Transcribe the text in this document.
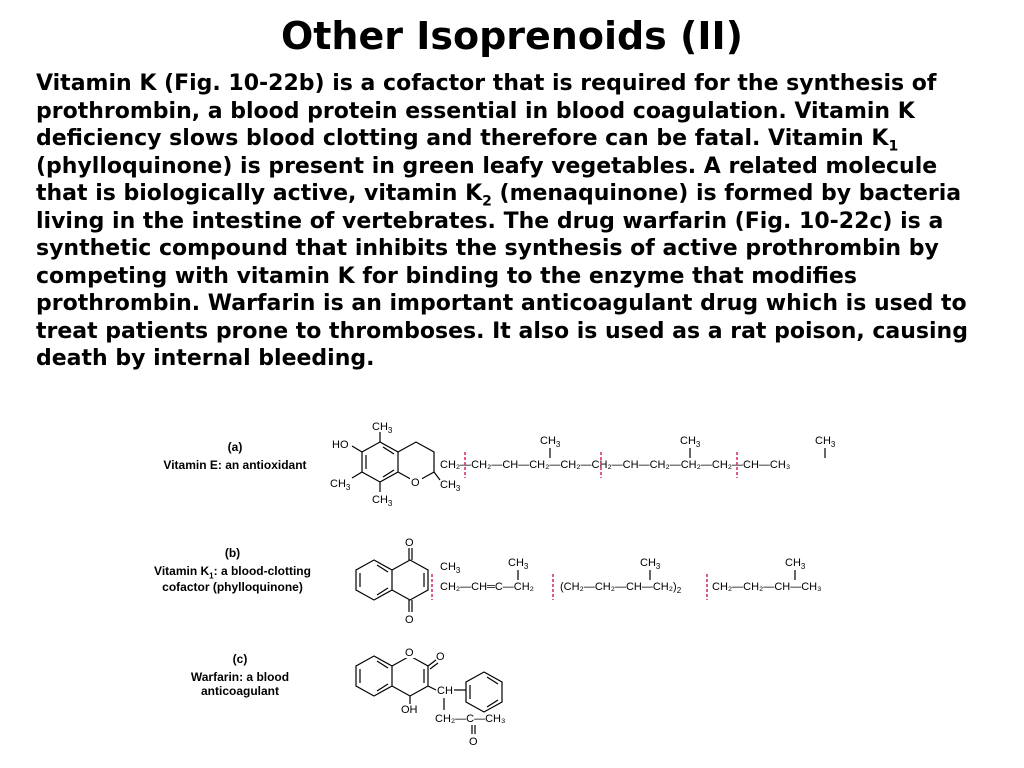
Other Isoprenoids (II)
Vitamin K (Fig. 10-22b) is a cofactor that is required for the synthesis of prothrombin, a blood protein essential in blood coagulation. Vitamin K deficiency slows blood clotting and therefore can be fatal. Vitamin $K_1$ (phylloquinone) is present in green leafy vegetables. A related molecule that is biologically active, vitamin $K_2$ (menaquinone) is formed by bacteria living in the intestine of vertebrates. The drug warfarin (Fig. 10-22c) is a synthetic compound that inhibits the synthesis of active prothrombin by competing with vitamin K for binding to the enzyme that modifies prothrombin. Warfarin is an important anticoagulant drug which is used to treat patients prone to thromboses. It also is used as a rat poison, causing death by internal bleeding.
(a)
Vitamin E: an antioxidant
(b)
Vitamin $K_1$: a blood-clotting
cofactor (phylloquinone)
(c)
Warfarin: a blood
anticoagulant
$CH_3$
HO
$CH_3$
$CH_3$
O $CH_3$
CH₂—CH₂—CH—CH₂—CH₂—CH₂—CH—CH₂—CH₂—CH₂—CH—CH₃
$CH_3$	$CH_3$	$CH_3$
O
O
$CH_3$
CH₂—CH═C—CH₂
$CH_3$
$(CH_2—CH_2—CH—CH_2)_2$
$CH_3$
CH₂—CH₂—CH—CH₃
$CH_3$
O O
OH
CH
CH₂—C—CH₃
O
